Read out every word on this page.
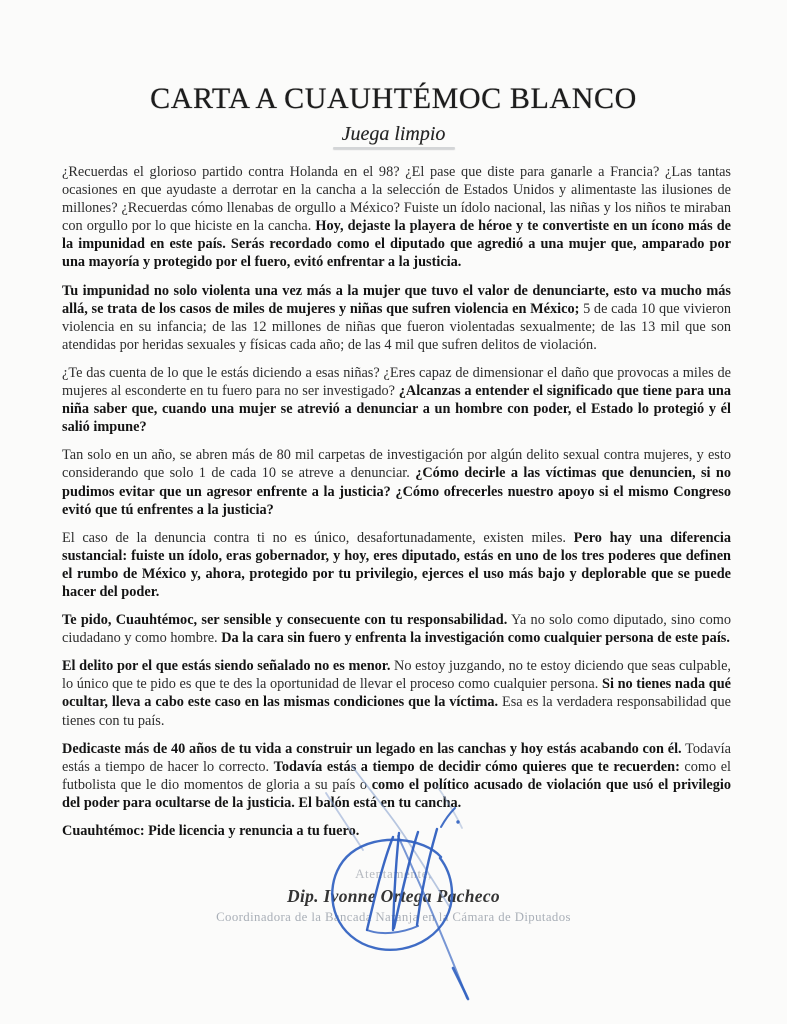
CARTA A CUAUHTÉMOC BLANCO
Juega limpio

¿Recuerdas el glorioso partido contra Holanda en el 98? ¿El pase que diste para ganarle a Francia? ¿Las tantas ocasiones en que ayudaste a derrotar en la cancha a la selección de Estados Unidos y alimentaste las ilusiones de millones? ¿Recuerdas cómo llenabas de orgullo a México? Fuiste un ídolo nacional, las niñas y los niños te miraban con orgullo por lo que hiciste en la cancha. Hoy, dejaste la playera de héroe y te convertiste en un ícono más de la impunidad en este país. Serás recordado como el diputado que agredió a una mujer que, amparado por una mayoría y protegido por el fuero, evitó enfrentar a la justicia.

Tu impunidad no solo violenta una vez más a la mujer que tuvo el valor de denunciarte, esto va mucho más allá, se trata de los casos de miles de mujeres y niñas que sufren violencia en México; 5 de cada 10 que vivieron violencia en su infancia; de las 12 millones de niñas que fueron violentadas sexualmente; de las 13 mil que son atendidas por heridas sexuales y físicas cada año; de las 4 mil que sufren delitos de violación.

¿Te das cuenta de lo que le estás diciendo a esas niñas? ¿Eres capaz de dimensionar el daño que provocas a miles de mujeres al esconderte en tu fuero para no ser investigado? ¿Alcanzas a entender el significado que tiene para una niña saber que, cuando una mujer se atrevió a denunciar a un hombre con poder, el Estado lo protegió y él salió impune?

Tan solo en un año, se abren más de 80 mil carpetas de investigación por algún delito sexual contra mujeres, y esto considerando que solo 1 de cada 10 se atreve a denunciar. ¿Cómo decirle a las víctimas que denuncien, si no pudimos evitar que un agresor enfrente a la justicia? ¿Cómo ofrecerles nuestro apoyo si el mismo Congreso evitó que tú enfrentes a la justicia?

El caso de la denuncia contra ti no es único, desafortunadamente, existen miles. Pero hay una diferencia sustancial: fuiste un ídolo, eras gobernador, y hoy, eres diputado, estás en uno de los tres poderes que definen el rumbo de México y, ahora, protegido por tu privilegio, ejerces el uso más bajo y deplorable que se puede hacer del poder.

Te pido, Cuauhtémoc, ser sensible y consecuente con tu responsabilidad. Ya no solo como diputado, sino como ciudadano y como hombre. Da la cara sin fuero y enfrenta la investigación como cualquier persona de este país.

El delito por el que estás siendo señalado no es menor. No estoy juzgando, no te estoy diciendo que seas culpable, lo único que te pido es que te des la oportunidad de llevar el proceso como cualquier persona. Si no tienes nada qué ocultar, lleva a cabo este caso en las mismas condiciones que la víctima. Esa es la verdadera responsabilidad que tienes con tu país.

Dedicaste más de 40 años de tu vida a construir un legado en las canchas y hoy estás acabando con él. Todavía estás a tiempo de hacer lo correcto. Todavía estás a tiempo de decidir cómo quieres que te recuerden: como el futbolista que le dio momentos de gloria a su país o como el político acusado de violación que usó el privilegio del poder para ocultarse de la justicia. El balón está en tu cancha.

Cuauhtémoc: Pide licencia y renuncia a tu fuero.

Atentamente,
Dip. Ivonne Ortega Pacheco
Coordinadora de la Bancada Naranja en la Cámara de Diputados
